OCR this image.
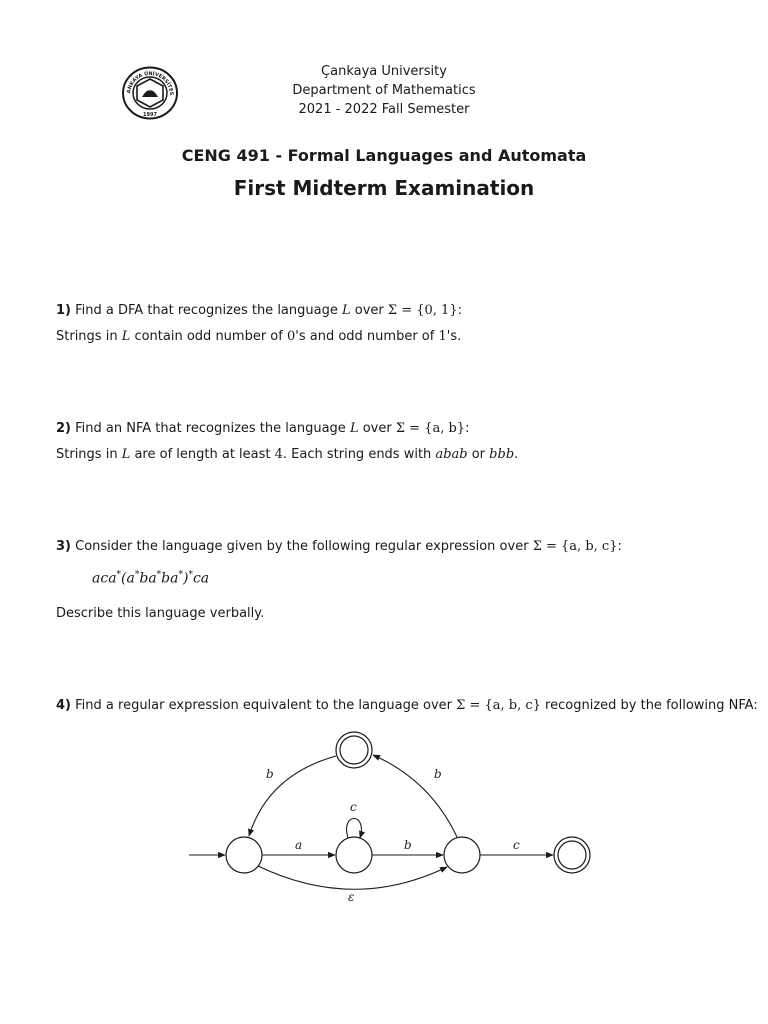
ANKAYA ÜNİVERSİTES
1997
Çankaya University
Department of Mathematics
2021 - 2022 Fall Semester
CENG 491 - Formal Languages and Automata
First Midterm Examination
1) Find a DFA that recognizes the language L over Σ = {0, 1}:
Strings in L contain odd number of 0's and odd number of 1's.
2) Find an NFA that recognizes the language L over Σ = {a, b}:
Strings in L are of length at least 4. Each string ends with abab or bbb.
3) Consider the language given by the following regular expression over Σ = {a, b, c}:
aca*(a*ba*ba*)*ca
Describe this language verbally.
4) Find a regular expression equivalent to the language over Σ = {a, b, c} recognized by the following NFA:
b	b
c
a	b	c
ε
